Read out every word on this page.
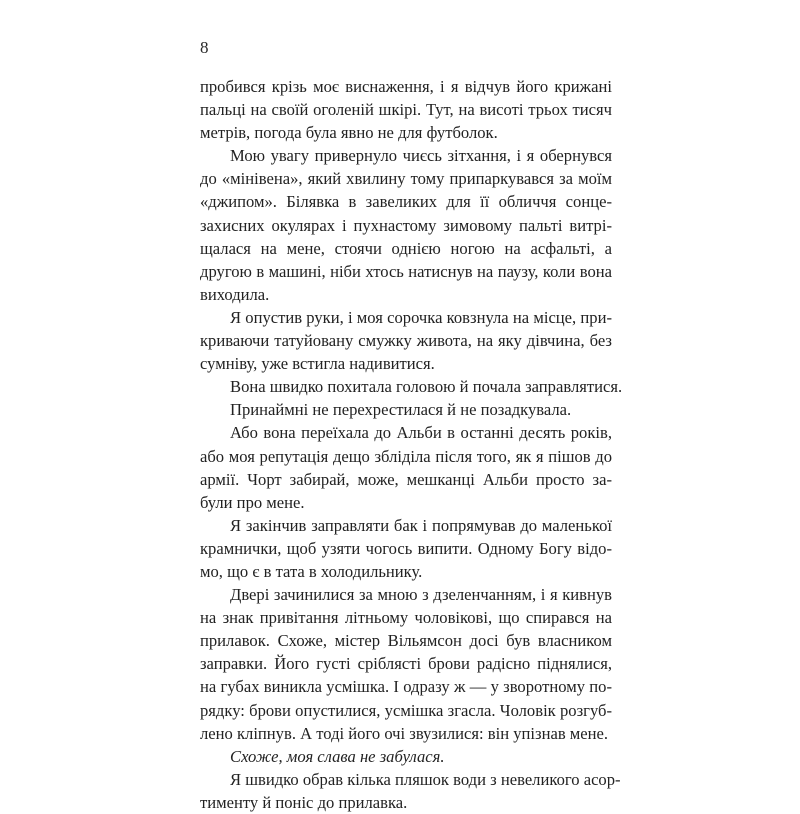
8
пробився крізь моє виснаження, і я відчув його крижані
пальці на своїй оголеній шкірі. Тут, на висоті трьох тисяч
метрів, погода була явно не для футболок.
Мою увагу привернуло чиєсь зітхання, і я обернувся
до «мінівена», який хвилину тому припаркувався за моїм
«джипом». Білявка в завеликих для її обличчя сонце-
захисних окулярах і пухнастому зимовому пальті витрі-
щалася на мене, стоячи однією ногою на асфальті, а другою в машині, ніби хтось натиснув на паузу, коли вона
виходила.
Я опустив руки, і моя сорочка ковзнула на місце, при-
криваючи татуйовану смужку живота, на яку дівчина, без
сумніву, уже встигла надивитися.
Вона швидко похитала головою й почала заправлятися.
Принаймні не перехрестилася й не позадкувала.
Або вона переїхала до Альби в останні десять років,
або моя репутація дещо збліділа після того, як я пішов до
армії. Чорт забирай, може, мешканці Альби просто за-
були про мене.
Я закінчив заправляти бак і попрямував до маленької
крамнички, щоб узяти чогось випити. Одному Богу відо-
мо, що є в тата в холодильнику.
Двері зачинилися за мною з дзеленчанням, і я кивнув
на знак привітання літньому чоловікові, що спирався на
прилавок. Схоже, містер Вільямсон досі був власником
заправки. Його густі сріблясті брови радісно піднялися,
на губах виникла усмішка. І одразу ж — у зворотному по-
рядку: брови опустилися, усмішка згасла. Чоловік розгуб-
лено кліпнув. А тоді його очі звузилися: він упізнав мене.
Схоже, моя слава не забулася.
Я швидко обрав кілька пляшок води з невеликого асор-
тименту й поніс до прилавка.
